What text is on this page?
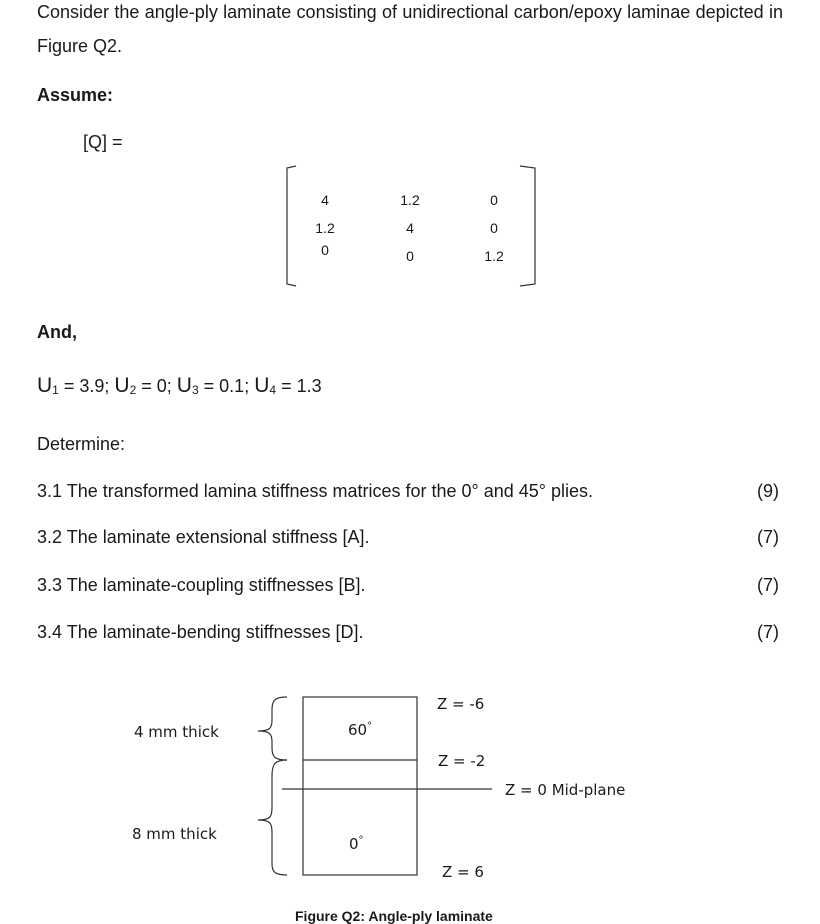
Consider the angle-ply laminate consisting of unidirectional carbon/epoxy laminae depicted in Figure Q2.
Assume:
[Q] =
4	1.2	0
1.2	4	0
0	0	1.2
And,
U1 = 3.9; U2 = 0; U3 = 0.1; U4 = 1.3
Determine:
3.1 The transformed lamina stiffness matrices for the 0° and 45° plies.	(9)
3.2 The laminate extensional stiffness [A].	(7)
3.3 The laminate-coupling stiffnesses [B].	(7)
3.4 The laminate-bending stiffnesses [D].	(7)
4 mm thick
8 mm thick
60°
0°
Z = -6
Z = -2
Z = 0 Mid-plane
Z = 6
Figure Q2: Angle-ply laminate
